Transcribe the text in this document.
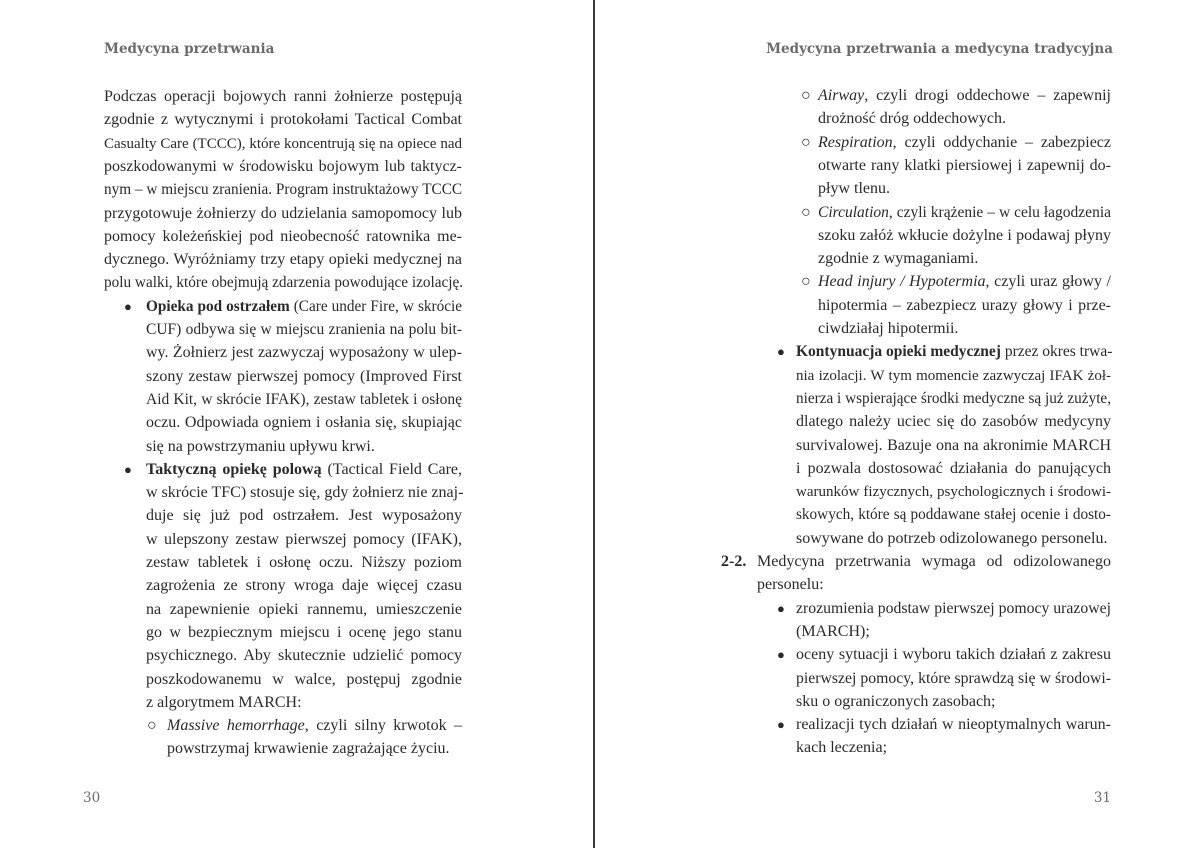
Medycyna przetrwania
Podczas operacji bojowych ranni żołnierze postępują
zgodnie z wytycznymi i protokołami Tactical Combat
Casualty Care (TCCC), które koncentrują się na opiece nad
poszkodowanymi w środowisku bojowym lub taktycz-
nym – w miejscu zranienia. Program instruktażowy TCCC
przygotowuje żołnierzy do udzielania samopomocy lub
pomocy koleżeńskiej pod nieobecność ratownika me-
dycznego. Wyróżniamy trzy etapy opieki medycznej na
polu walki, które obejmują zdarzenia powodujące izolację.
Opieka pod ostrzałem (Care under Fire, w skrócie
●
CUF) odbywa się w miejscu zranienia na polu bit-
wy. Żołnierz jest zazwyczaj wyposażony w ulep-
szony zestaw pierwszej pomocy (Improved First
Aid Kit, w skrócie IFAK), zestaw tabletek i osłonę
oczu. Odpowiada ogniem i osłania się, skupiając
się na powstrzymaniu upływu krwi.
Taktyczną opiekę polową (Tactical Field Care,
●
w skrócie TFC) stosuje się, gdy żołnierz nie znaj-
duje się już pod ostrzałem. Jest wyposażony
w ulepszony zestaw pierwszej pomocy (IFAK),
zestaw tabletek i osłonę oczu. Niższy poziom
zagrożenia ze strony wroga daje więcej czasu
na zapewnienie opieki rannemu, umieszczenie
go w bezpiecznym miejscu i ocenę jego stanu
psychicznego. Aby skutecznie udzielić pomocy
poszkodowanemu w walce, postępuj zgodnie
z algorytmem MARCH:
Massive hemorrhage, czyli silny krwotok –
○
powstrzymaj krwawienie zagrażające życiu.
30
Medycyna przetrwania a medycyna tradycyjna
Airway, czyli drogi oddechowe – zapewnij
○
drożność dróg oddechowych.
Respiration, czyli oddychanie – zabezpiecz
○
otwarte rany klatki piersiowej i zapewnij do-
pływ tlenu.
Circulation, czyli krążenie – w celu łagodzenia
○
szoku załóż wkłucie dożylne i podawaj płyny
zgodnie z wymaganiami.
Head injury / Hypotermia, czyli uraz głowy /
○
hipotermia – zabezpiecz urazy głowy i prze-
ciwdziałaj hipotermii.
Kontynuacja opieki medycznej przez okres trwa-
●
nia izolacji. W tym momencie zazwyczaj IFAK żoł-
nierza i wspierające środki medyczne są już zużyte,
dlatego należy uciec się do zasobów medycyny
survivalowej. Bazuje ona na akronimie MARCH
i pozwala dostosować działania do panujących
warunków fizycznych, psychologicznych i środowi-
skowych, które są poddawane stałej ocenie i dosto-
sowywane do potrzeb odizolowanego personelu.
Medycyna przetrwania wymaga od odizolowanego
2-2.
personelu:
zrozumienia podstaw pierwszej pomocy urazowej
●
(MARCH);
oceny sytuacji i wyboru takich działań z zakresu
●
pierwszej pomocy, które sprawdzą się w środowi-
sku o ograniczonych zasobach;
realizacji tych działań w nieoptymalnych warun-
●
kach leczenia;
31
